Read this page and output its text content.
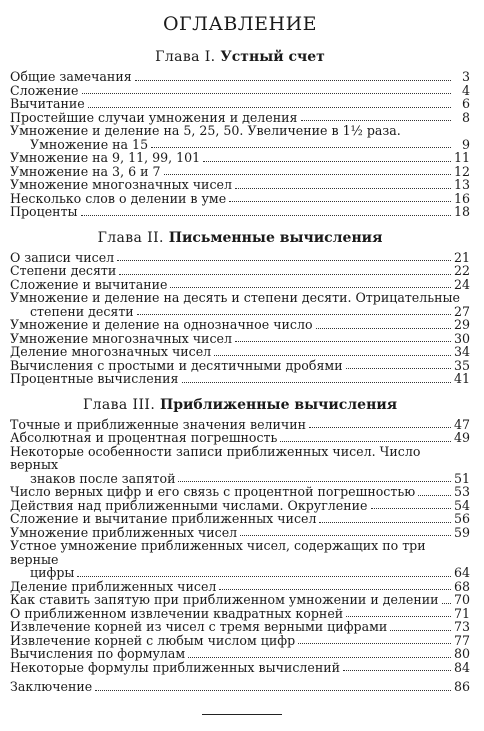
ОГЛАВЛЕНИЕ
Глава I. Устный счет
Общие замечания	3
Сложение	4
Вычитание	6
Простейшие случаи умножения и деления	8
Умножение и деление на 5, 25, 50. Увеличение в 1½ раза.
Умножение на 15	9
Умножение на 9, 11, 99, 101	11
Умножение на 3, 6 и 7	12
Умножение многозначных чисел	13
Несколько слов о делении в уме	16
Проценты	18
Глава II. Письменные вычисления
О записи чисел	21
Степени десяти	22
Сложение и вычитание	24
Умножение и деление на десять и степени десяти. Отрицательные
степени десяти	27
Умножение и деление на однозначное число	29
Умножение многозначных чисел	30
Деление многозначных чисел	34
Вычисления с простыми и десятичными дробями	35
Процентные вычисления	41
Глава III. Приближенные вычисления
Точные и приближенные значения величин	47
Абсолютная и процентная погрешность	49
Некоторые особенности записи приближенных чисел. Число верных
знаков после запятой	51
Число верных цифр и его связь с процентной погрешностью	53
Действия над приближенными числами. Округление	54
Сложение и вычитание приближенных чисел	56
Умножение приближенных чисел	59
Устное умножение приближенных чисел, содержащих по три верные
цифры	64
Деление приближенных чисел	68
Как ставить запятую при приближенном умножении и делении 70
О приближенном извлечении квадратных корней	71
Извлечение корней из чисел с тремя верными цифрами	73
Извлечение корней с любым числом цифр	77
Вычисления по формулам	80
Некоторые формулы приближенных вычислений	84
Заключение	86
